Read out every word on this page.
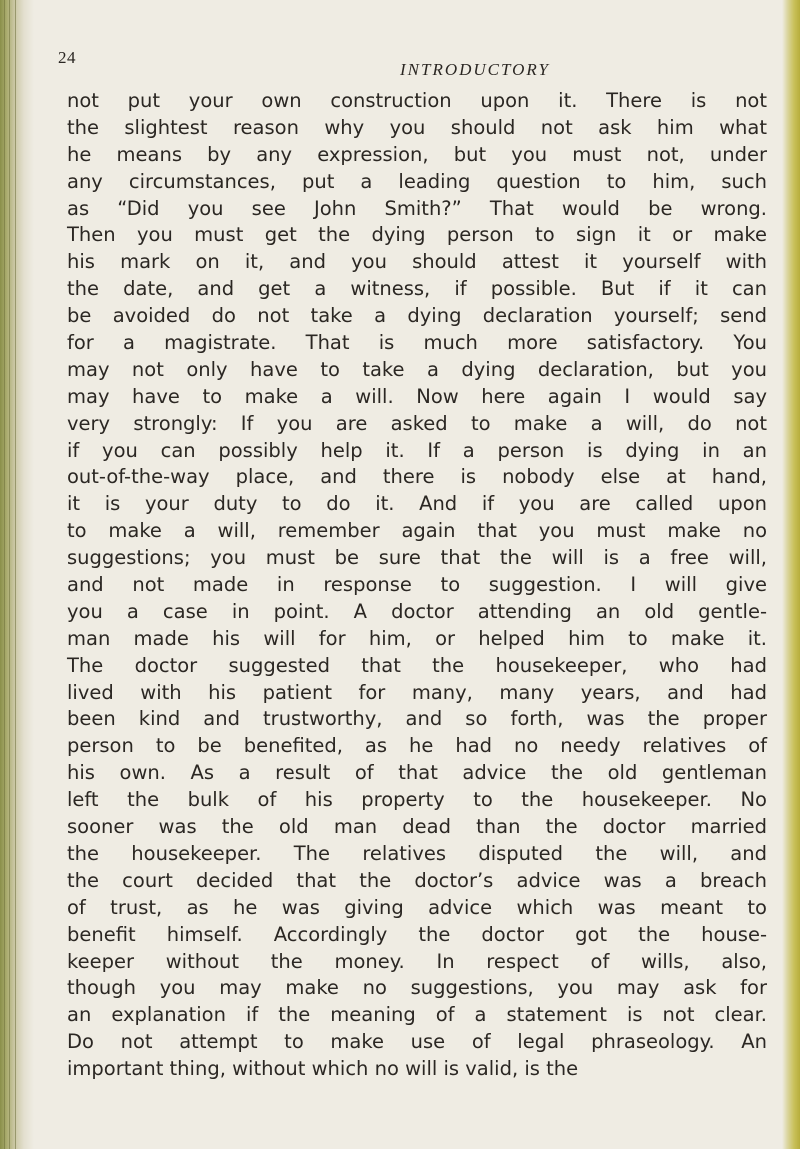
24
INTRODUCTORY
not put your own construction upon it. There is not
the slightest reason why you should not ask him what
he means by any expression, but you must not, under
any circumstances, put a leading question to him, such
as “Did you see John Smith?” That would be wrong.
Then you must get the dying person to sign it or make
his mark on it, and you should attest it yourself with
the date, and get a witness, if possible. But if it can
be avoided do not take a dying declaration yourself; send
for a magistrate. That is much more satisfactory. You
may not only have to take a dying declaration, but you
may have to make a will. Now here again I would say
very strongly: If you are asked to make a will, do not
if you can possibly help it. If a person is dying in an
out-of-the-way place, and there is nobody else at hand,
it is your duty to do it. And if you are called upon
to make a will, remember again that you must make no
suggestions; you must be sure that the will is a free will,
and not made in response to suggestion. I will give
you a case in point. A doctor attending an old gentle-
man made his will for him, or helped him to make it.
The doctor suggested that the housekeeper, who had
lived with his patient for many, many years, and had
been kind and trustworthy, and so forth, was the proper
person to be benefited, as he had no needy relatives of
his own. As a result of that advice the old gentleman
left the bulk of his property to the housekeeper. No
sooner was the old man dead than the doctor married
the housekeeper. The relatives disputed the will, and
the court decided that the doctor’s advice was a breach
of trust, as he was giving advice which was meant to
benefit himself. Accordingly the doctor got the house-
keeper without the money. In respect of wills, also,
though you may make no suggestions, you may ask for
an explanation if the meaning of a statement is not clear.
Do not attempt to make use of legal phraseology. An
important thing, without which no will is valid, is the
